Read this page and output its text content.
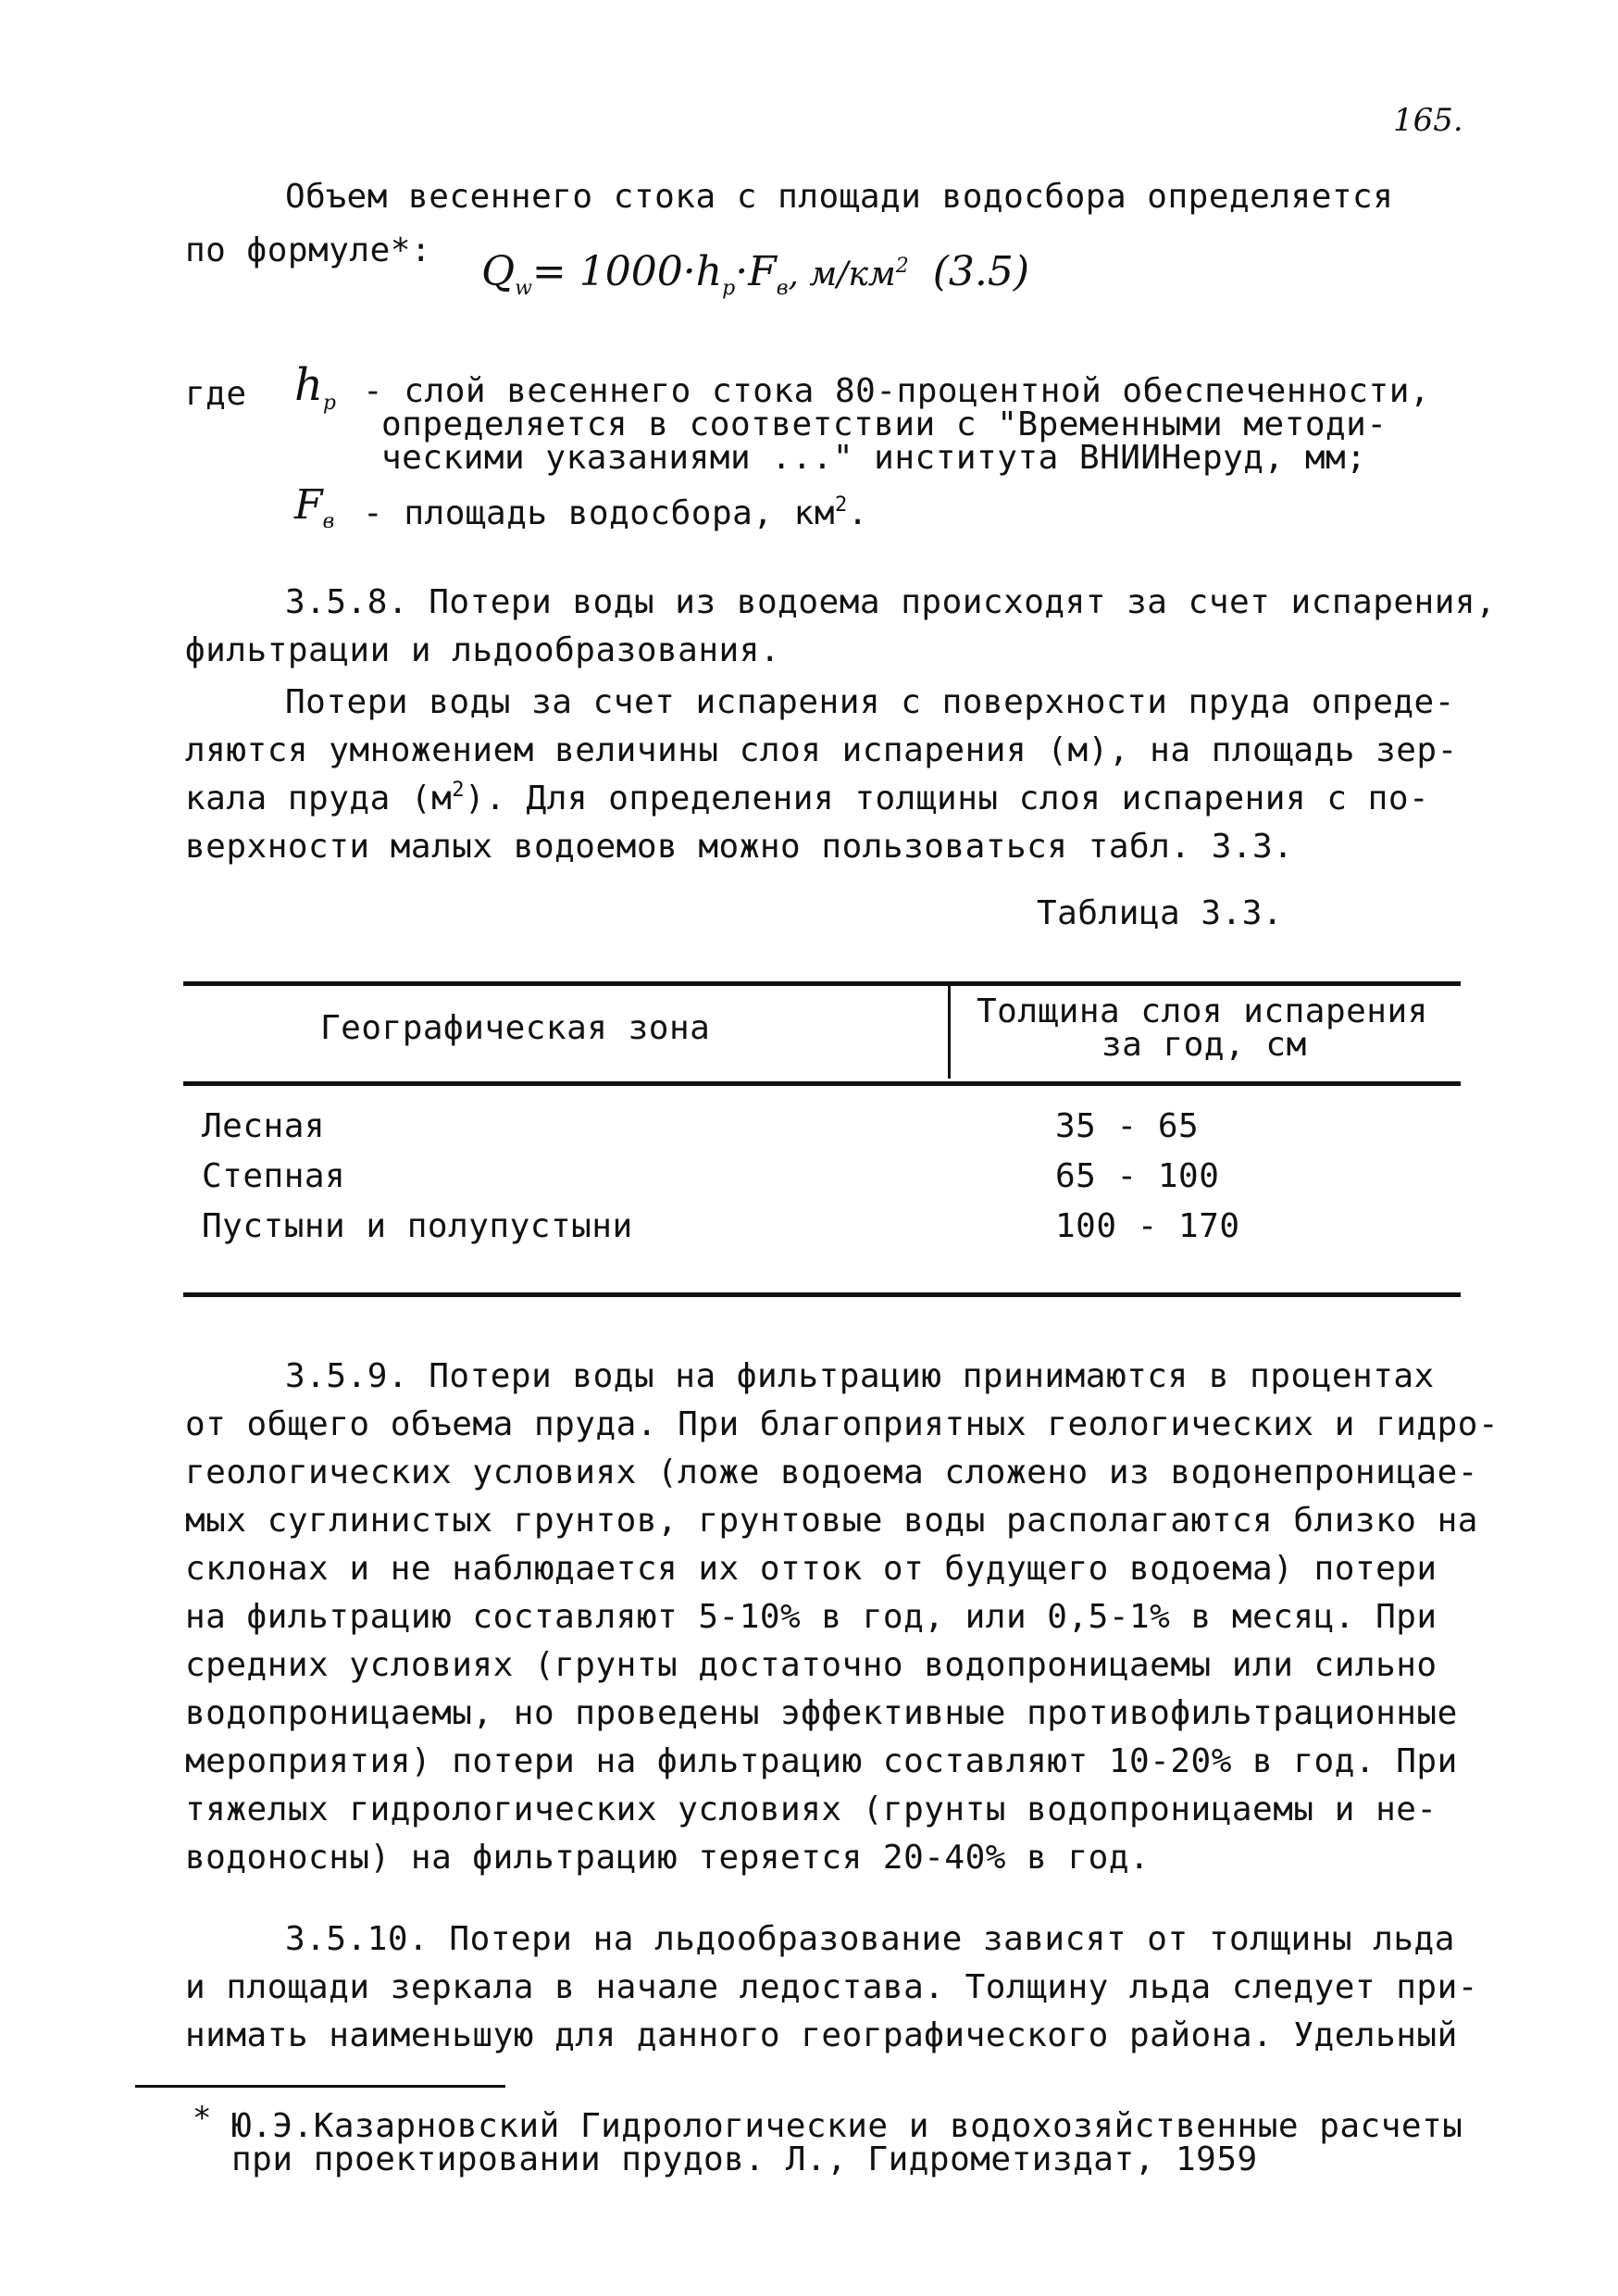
165.
Объем весеннего стока с площади водосбора определяется
по формуле*: $Q_w= 1000\cdot h_p\cdot F_в$, $м/км^2$ (3.5)
где $h_p$ - слой весеннего стока 80-процентной обеспеченности,
определяется в соответствии с "Временными методи-
ческими указаниями ..." института ВНИИНеруд, мм;
$F_в$ - площадь водосбора, $км^2$.
3.5.8. Потери воды из водоема происходят за счет испарения,
фильтрации и льдообразования.
Потери воды за счет испарения с поверхности пруда опреде-
ляются умножением величины слоя испарения (м), на площадь зер-
кала пруда $(м^2)$. Для определения толщины слоя испарения с по-
верхности малых водоемов можно пользоваться табл. 3.3.
Таблица 3.3.
Географическая зона	Толщина слоя испарения
за год, см
Лесная	35 - 65
Степная	65 - 100
Пустыни и полупустыни	100 - 170
3.5.9. Потери воды на фильтрацию принимаются в процентах
от общего объема пруда. При благоприятных геологических и гидро-
геологических условиях (ложе водоема сложено из водонепроницае-
мых суглинистых грунтов, грунтовые воды располагаются близко на
склонах и не наблюдается их отток от будущего водоема) потери
на фильтрацию составляют 5-10% в год, или 0,5-1% в месяц. При
средних условиях (грунты достаточно водопроницаемы или сильно
водопроницаемы, но проведены эффективные противофильтрационные
мероприятия) потери на фильтрацию составляют 10-20% в год. При
тяжелых гидрологических условиях (грунты водопроницаемы и не-
водоносны) на фильтрацию теряется 20-40% в год.
3.5.10. Потери на льдообразование зависят от толщины льда
и площади зеркала в начале ледостава. Толщину льда следует при-
нимать наименьшую для данного географического района. Удельный
* Ю.Э.Казарновский Гидрологические и водохозяйственные расчеты
при проектировании прудов. Л., Гидрометиздат, 1959
